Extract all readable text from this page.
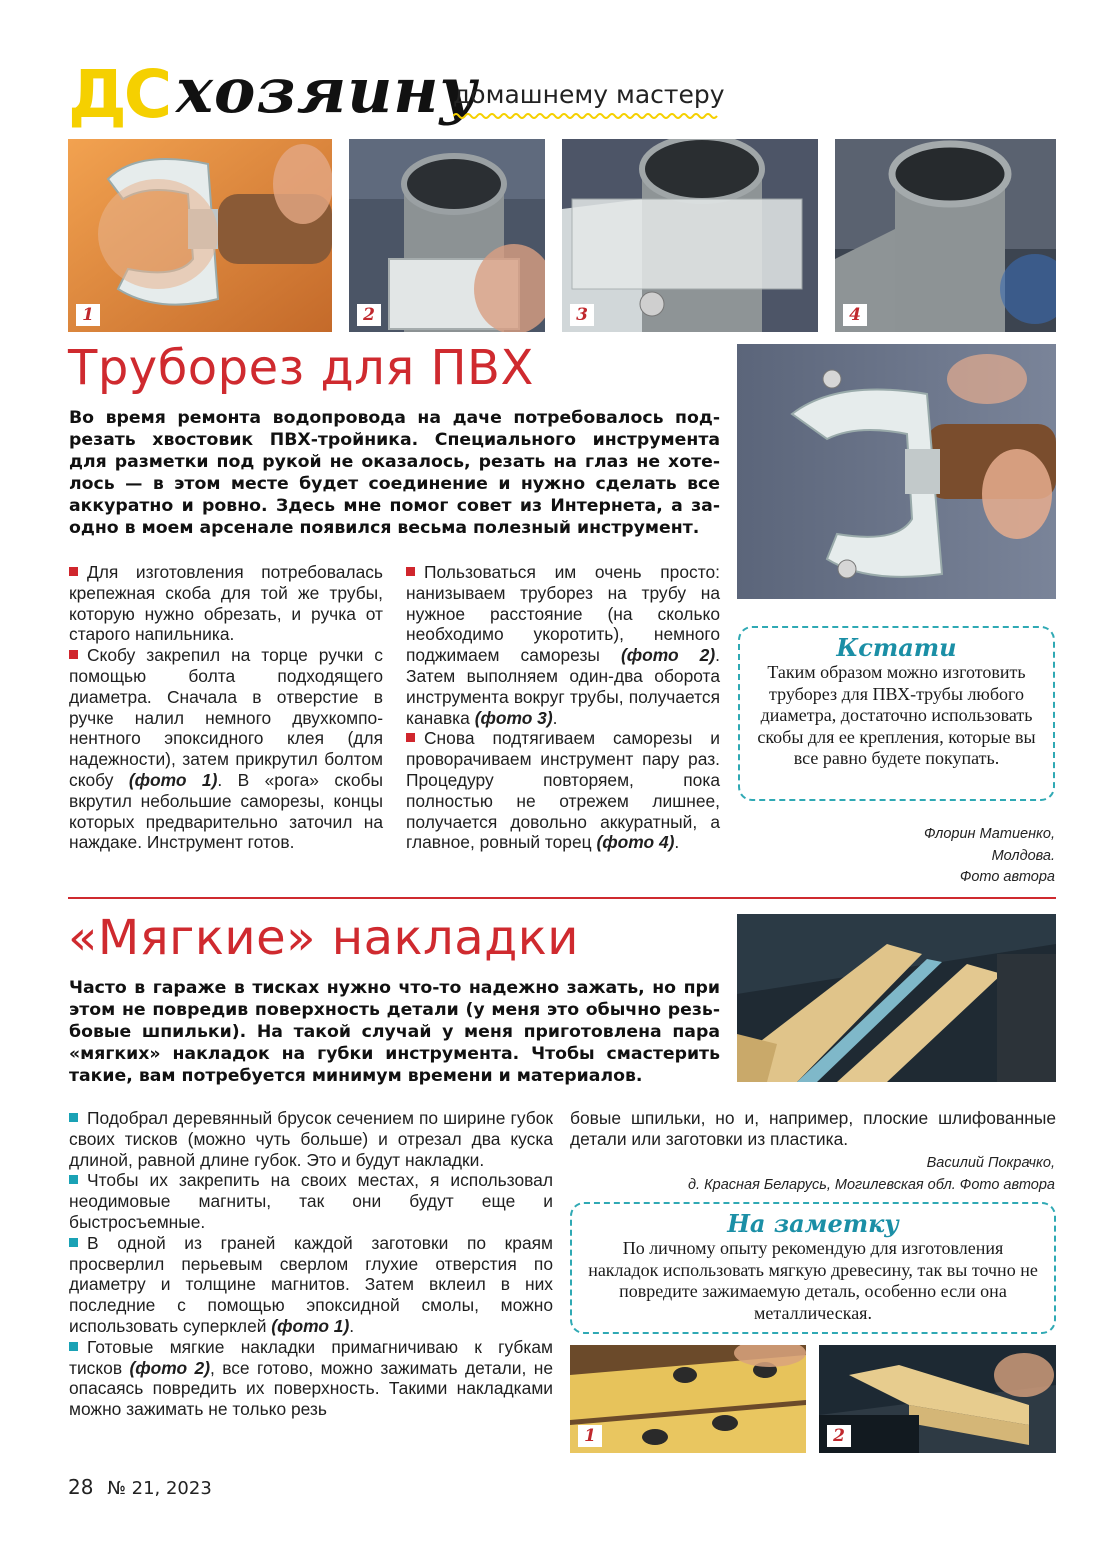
ДС хозяину
домашнему мастеру
1	2	3	4
Труборез для ПВХ
Во время ремонта водопровода на даче потребовалось подрезать хвостовик ПВХ-тройника. Специального инструмента для разметки под рукой не оказалось, резать на глаз не хотелось — в этом месте будет соединение и нужно сделать все аккуратно и ровно. Здесь мне помог совет из Интернета, а заодно в моем арсенале появился весьма полезный инструмент.

Для изготовления потребовалась крепежная скоба для той же трубы, которую нужно обрезать, и ручка от старого напильника.

Скобу закрепил на торце ручки с помощью болта подходящего диаметра. Сначала в отверстие в ручке налил немного двухкомпонентного эпоксидного клея (для надежности), затем прикрутил болтом скобу (фото 1). В «рога» скобы вкрутил небольшие саморезы, концы которых предварительно заточил на наждаке. Инструмент готов.

Пользоваться им очень просто: нанизываем труборез на трубу на нужное расстояние (на сколько необходимо укоротить), немного поджимаем саморезы (фото 2). Затем выполняем один-два оборота инструмента вокруг трубы, получается канавка (фото 3).

Снова подтягиваем саморезы и проворачиваем инструмент пару раз. Процедуру повторяем, пока полностью не отрежем лишнее, получается довольно аккуратный, а главное, ровный торец (фото 4).

Кстати
Таким образом можно изготовить труборез для ПВХ-трубы любого диаметра, достаточно использовать скобы для ее крепления, которые вы все равно будете покупать.
Флорин Матиенко,
Молдова.
Фото автора
«Мягкие» накладки
Часто в гараже в тисках нужно что-то надежно зажать, но при этом не повредив поверхность детали (у меня это обычно резьбовые шпильки). На такой случай у меня приготовлена пара «мягких» накладок на губки инструмента. Чтобы смастерить такие, вам потребуется минимум времени и материалов.

Подобрал деревянный брусок сечением по ширине губок своих тисков (можно чуть больше) и отрезал два куска длиной, равной длине губок. Это и будут накладки.

Чтобы их закрепить на своих местах, я использовал неодимовые магниты, так они будут еще и быстросъемные.

В одной из граней каждой заготовки по краям просверлил перьевым сверлом глухие отверстия по диаметру и толщине магнитов. Затем вклеил в них последние с помощью эпоксидной смолы, можно использовать суперклей (фото 1).

Готовые мягкие накладки примагничиваю к губкам тисков (фото 2), все готово, можно зажимать детали, не опасаясь повредить их поверхность. Такими накладками можно зажимать не только резь

бовые шпильки, но и, например, плоские шлифованные детали или заготовки из пластика.

Василий Покрачко,
д. Красная Беларусь, Могилевская обл. Фото автора
На заметку
По личному опыту рекомендую для изготовления накладок использовать мягкую древесину, так вы точно не повредите зажимаемую деталь, особенно если она металлическая.
1	2
28 № 21, 2023
